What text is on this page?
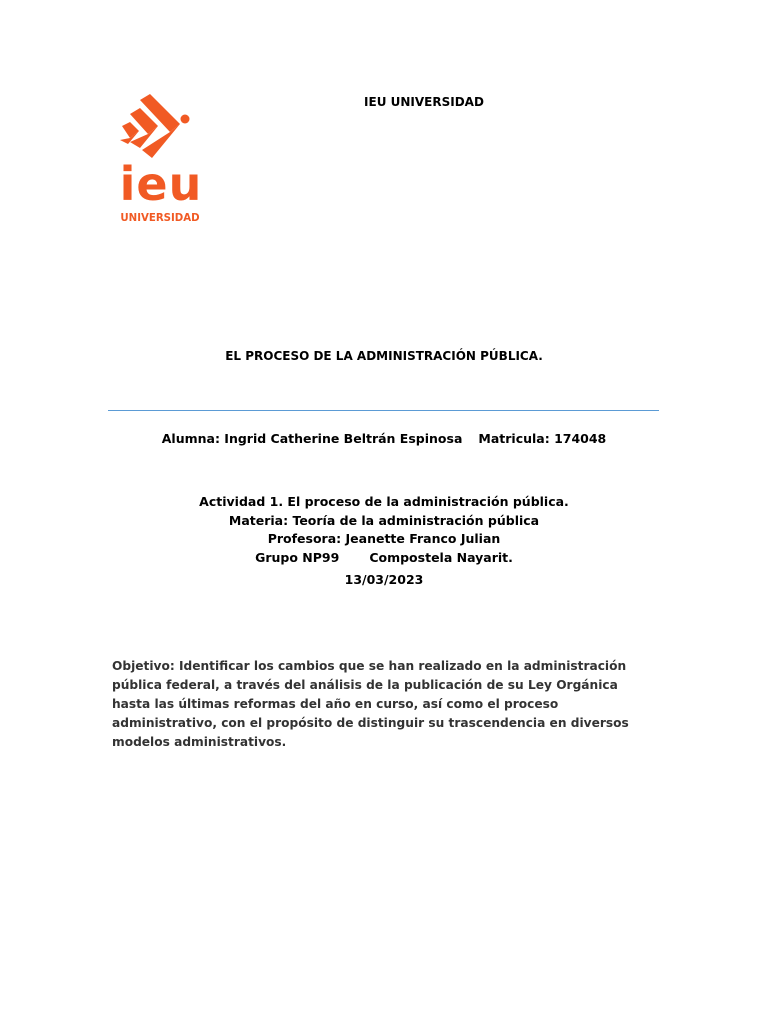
ieu
UNIVERSIDAD
IEU UNIVERSIDAD
EL PROCESO DE LA ADMINISTRACIÓN PÚBLICA.
Alumna: Ingrid Catherine Beltrán Espinosa Matricula: 174048
Actividad 1. El proceso de la administración pública.
Materia: Teoría de la administración pública
Profesora: Jeanette Franco Julian
Grupo NP99 Compostela Nayarit.
13/03/2023
Objetivo: Identificar los cambios que se han realizado en la administración pública federal, a través del análisis de la publicación de su Ley Orgánica hasta las últimas reformas del año en curso, así como el proceso administrativo, con el propósito de distinguir su trascendencia en diversos modelos administrativos.
